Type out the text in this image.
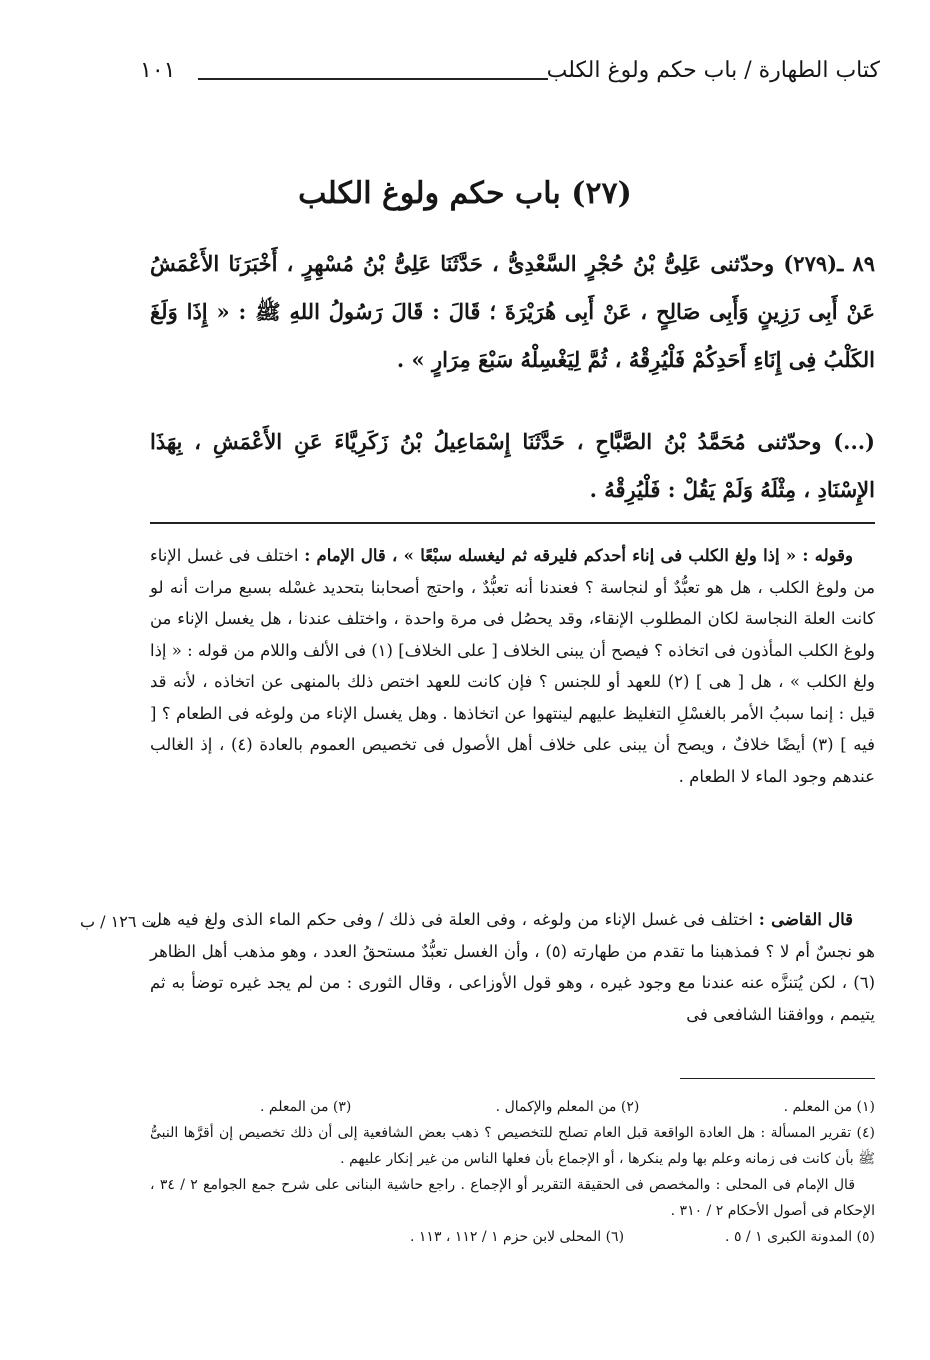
كتاب الطهارة / باب حكم ولوغ الكلب
١٠١
(٢٧) باب حكم ولوغ الكلب

٨٩ ـ(٢٧٩) وحدّثنى عَلِىُّ بْنُ حُجْرٍ السَّعْدِىُّ ، حَدَّثَنَا عَلِىُّ بْنُ مُسْهِرٍ ، أَخْبَرَنَا الأَعْمَشُ عَنْ أَبِى رَزِينٍ وَأَبِى صَالِحٍ ، عَنْ أَبِى هُرَيْرَةَ ؛ قَالَ : قَالَ رَسُولُ اللهِ ﷺ : « إِذَا وَلَغَ الكَلْبُ فِى إِنَاءِ أَحَدِكُمْ فَلْيُرِقْهُ ، ثُمَّ لِيَغْسِلْهُ سَبْعَ مِرَارٍ » .

(...) وحدّثنى مُحَمَّدُ بْنُ الصَّبَّاحِ ، حَدَّثَنَا إِسْمَاعِيلُ بْنُ زَكَرِيَّاءَ عَنِ الأَعْمَشِ ، بِهَذَا الإِسْنَادِ ، مِثْلَهُ وَلَمْ يَقُلْ : فَلْيُرِقْهُ .

وقوله : « إذا ولغ الكلب فى إناء أحدكم فليرقه ثم ليغسله سبْعًا » ، قال الإمام : اختلف فى غسل الإناء من ولوغ الكلب ، هل هو تعبُّدٌ أو لنجاسة ؟ فعندنا أنه تعبُّدٌ ، واحتج أصحابنا بتحديد غسْله بسبع مرات أنه لو كانت العلة النجاسة لكان المطلوب الإنقاء، وقد يحصُل فى مرة واحدة ، واختلف عندنا ، هل يغسل الإناء من ولوغ الكلب المأذون فى اتخاذه ؟ فيصح أن يبنى الخلاف [ على الخلاف] (١) فى الألف واللام من قوله : « إذا ولغ الكلب » ، هل [ هى ] (٢) للعهد أو للجنس ؟ فإن كانت للعهد اختص ذلك بالمنهى عن اتخاذه ، لأنه قد قيل : إنما سببُ الأمر بالغسْلِ التغليظ عليهم لينتهوا عن اتخاذها . وهل يغسل الإناء من ولوغه فى الطعام ؟ [ فيه ] (٣) أيضًا خلافٌ ، ويصح أن يبنى على خلاف أهل الأصول فى تخصيص العموم بالعادة (٤) ، إذ الغالب عندهم وجود الماء لا الطعام .

ت ١٢٦ / ب	قال القاضى : اختلف فى غسل الإناء من ولوغه ، وفى العلة فى ذلك / وفى حكم الماء الذى ولغ فيه هل هو نجسٌ أم لا ؟ فمذهبنا ما تقدم من طهارته (٥) ، وأن الغسل تعبُّدٌ مستحقُ العدد ، وهو مذهب أهل الظاهر (٦) ، لكن يُتنزَّه عنه عندنا مع وجود غيره ، وهو قول الأوزاعى ، وقال الثورى : من لم يجد غيره توضأ به ثم يتيمم ، ووافقنا الشافعى فى

(١) من المعلم .
(٢) من المعلم والإكمال .
(٣) من المعلم .

(٤) تقرير المسألة : هل العادة الواقعة قبل العام تصلح للتخصيص ؟ ذهب بعض الشافعية إلى أن ذلك تخصيص إن أقرَّها النبىُّ ﷺ بأن كانت فى زمانه وعلم بها ولم ينكرها ، أو الإجماع بأن فعلها الناس من غير إنكار عليهم .

قال الإمام فى المحلى : والمخصص فى الحقيقة التقرير أو الإجماع . راجع حاشية البنانى على شرح جمع الجوامع ٢ / ٣٤ ، الإحكام فى أصول الأحكام ٢ / ٣١٠ .

(٥) المدونة الكبرى ١ / ٥ .
(٦) المحلى لابن حزم ١ / ١١٢ ، ١١٣ .
